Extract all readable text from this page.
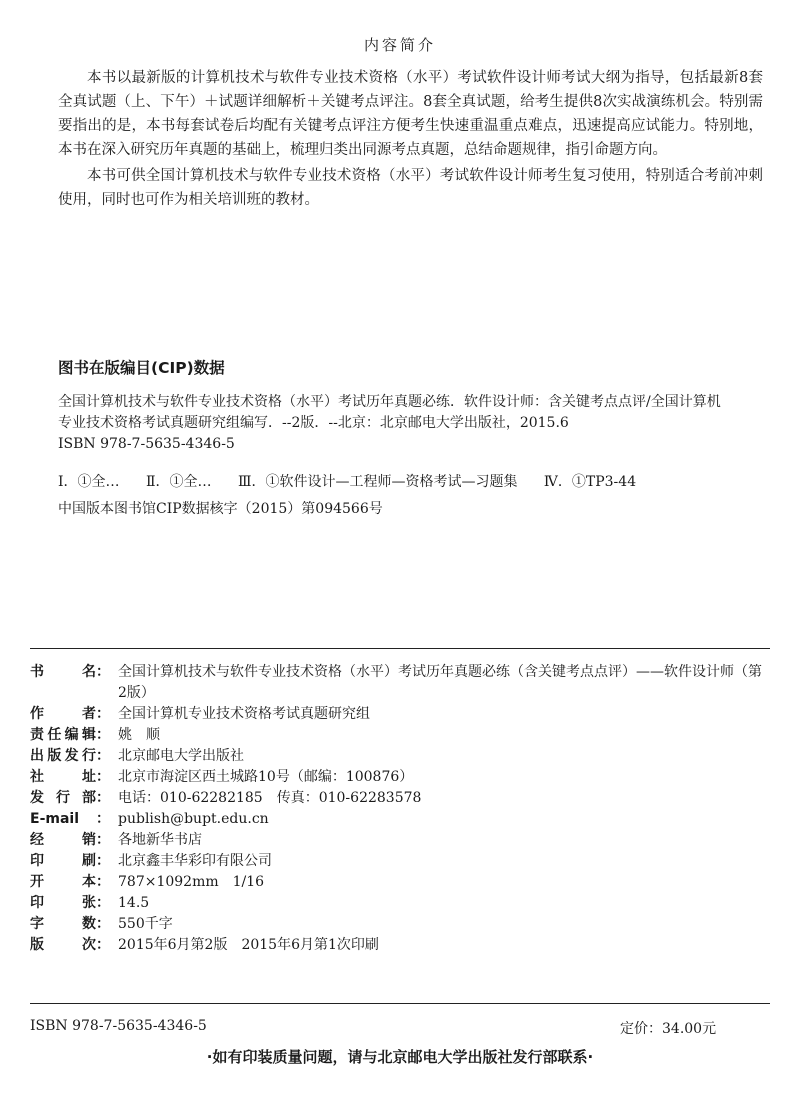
内容简介

本书以最新版的计算机技术与软件专业技术资格（水平）考试软件设计师考试大纲为指导，包括最新8套全真试题（上、下午）＋试题详细解析＋关键考点评注。8套全真试题，给考生提供8次实战演练机会。特别需要指出的是，本书每套试卷后均配有关键考点评注方便考生快速重温重点难点，迅速提高应试能力。特别地，本书在深入研究历年真题的基础上，梳理归类出同源考点真题，总结命题规律，指引命题方向。

本书可供全国计算机技术与软件专业技术资格（水平）考试软件设计师考生复习使用，特别适合考前冲刺使用，同时也可作为相关培训班的教材。

图书在版编目(CIP)数据
全国计算机技术与软件专业技术资格（水平）考试历年真题必练．软件设计师：含关键考点点评/全国计算机
专业技术资格考试真题研究组编写．--2版．--北京：北京邮电大学出版社，2015.6
ISBN 978-7-5635-4346-5
Ⅰ．①全… Ⅱ．①全… Ⅲ．①软件设计—工程师—资格考试—习题集 Ⅳ．①TP3-44
中国版本图书馆CIP数据核字（2015）第094566号
书　名 ： 全国计算机技术与软件专业技术资格（水平）考试历年真题必练（含关键考点点评）——软件设计师（第2版）
作　者 ： 全国计算机专业技术资格考试真题研究组
责任编辑 ： 姚　顺
出版发行 ： 北京邮电大学出版社
社　址 ： 北京市海淀区西土城路10号（邮编：100876）
发 行 部 ： 电话：010-62282185　传真：010-62283578
E-mail	： publish@bupt.edu.cn
经　销 ： 各地新华书店
印　刷 ： 北京鑫丰华彩印有限公司
开　本 ： 787×1092mm　1/16
印　张 ： 14.5
字　数 ： 550千字
版　次 ： 2015年6月第2版　2015年6月第1次印刷
ISBN 978-7-5635-4346-5	定价：34.00元
·如有印装质量问题，请与北京邮电大学出版社发行部联系·
